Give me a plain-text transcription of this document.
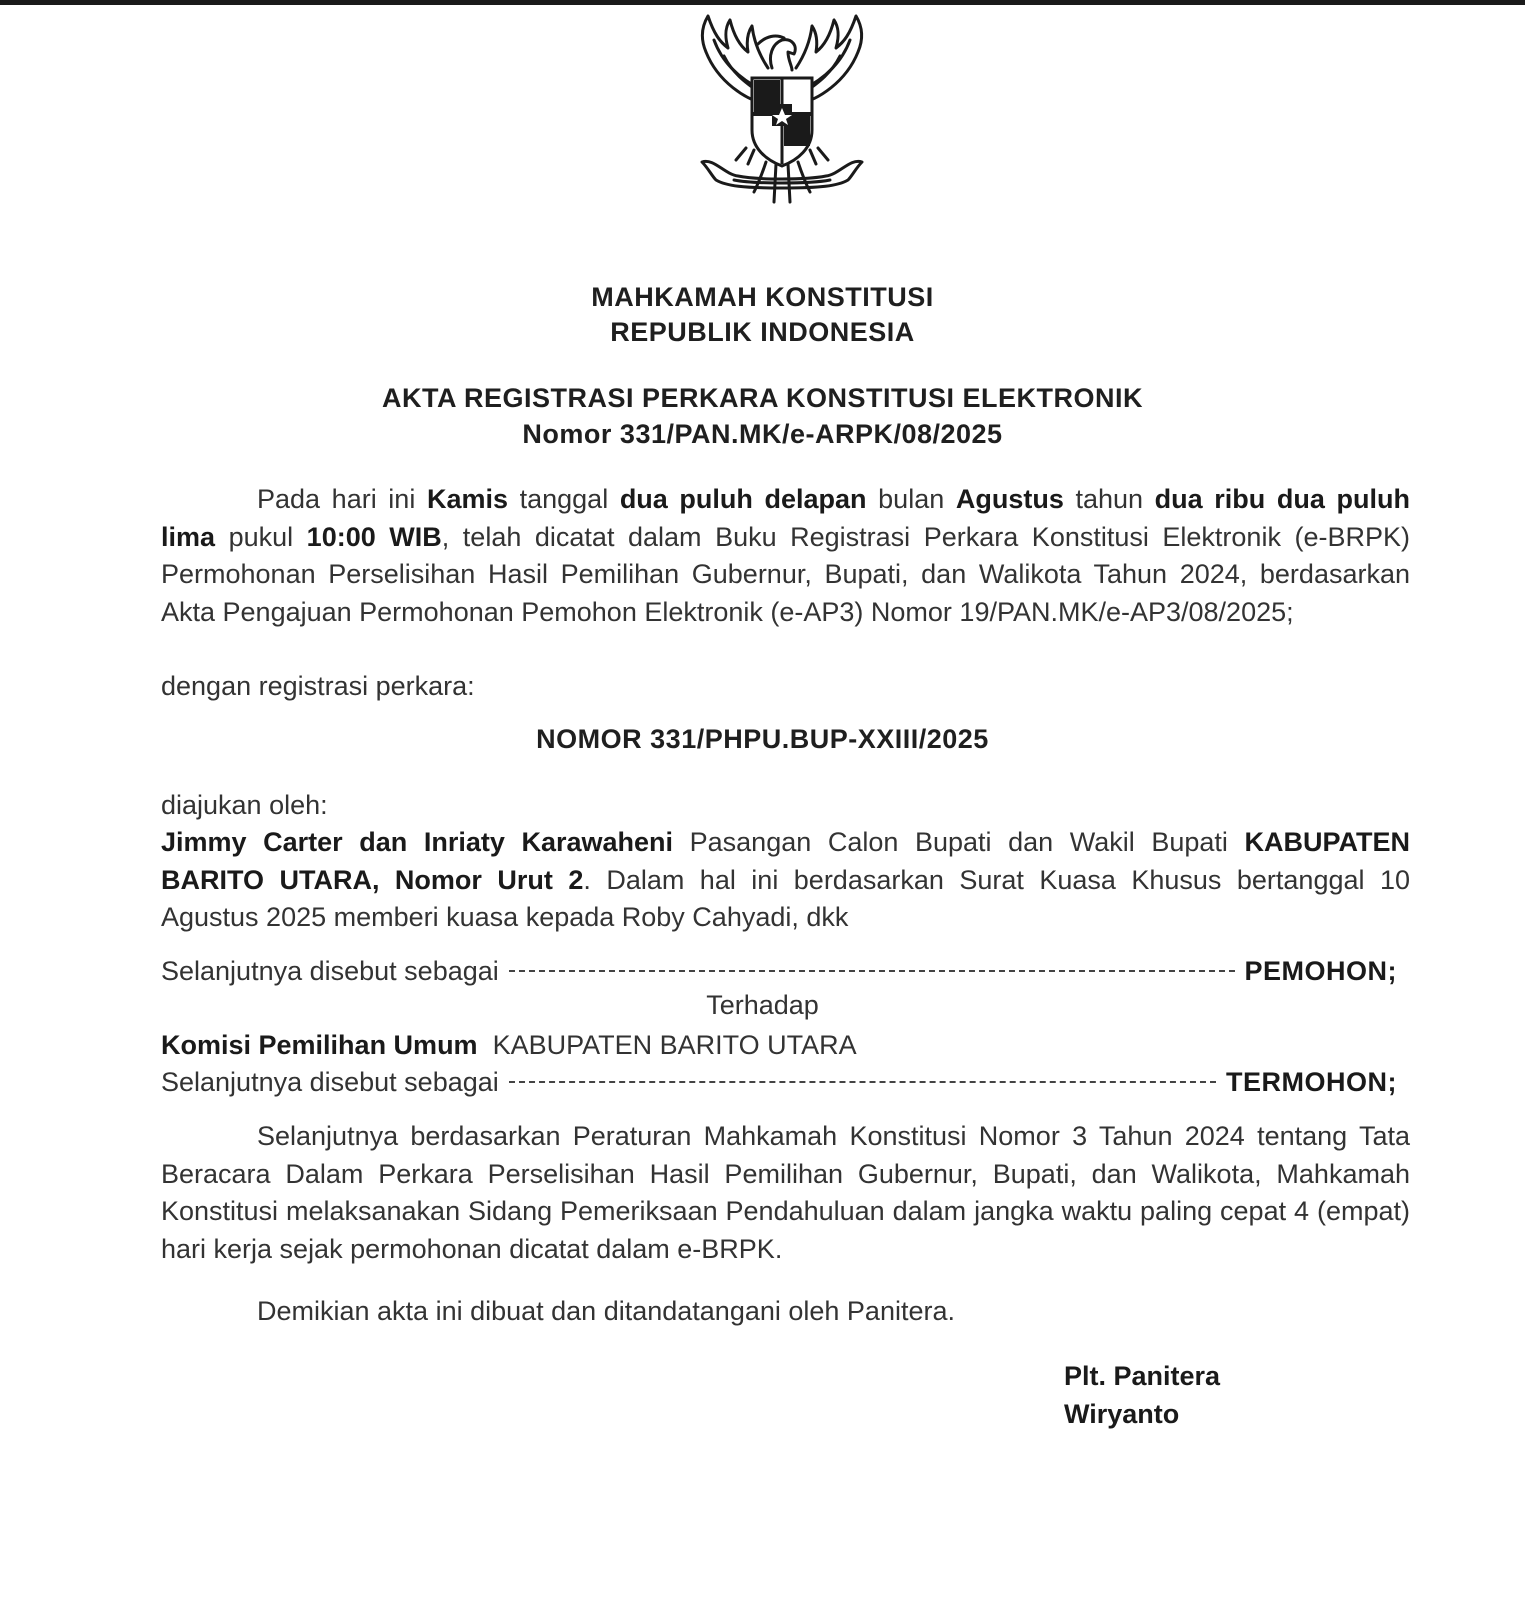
MAHKAMAH KONSTITUSI
REPUBLIK INDONESIA
AKTA REGISTRASI PERKARA KONSTITUSI ELEKTRONIK
Nomor 331/PAN.MK/e-ARPK/08/2025

Pada hari ini Kamis tanggal dua puluh delapan bulan Agustus tahun dua ribu dua puluh lima pukul 10:00 WIB, telah dicatat dalam Buku Registrasi Perkara Konstitusi Elektronik (e-BRPK) Permohonan Perselisihan Hasil Pemilihan Gubernur, Bupati, dan Walikota Tahun 2024, berdasarkan Akta Pengajuan Permohonan Pemohon Elektronik (e-AP3) Nomor 19/PAN.MK/e-AP3/08/2025;

dengan registrasi perkara:

NOMOR 331/PHPU.BUP-XXIII/2025

diajukan oleh:

Jimmy Carter dan Inriaty Karawaheni Pasangan Calon Bupati dan Wakil Bupati KABUPATEN BARITO UTARA, Nomor Urut 2. Dalam hal ini berdasarkan Surat Kuasa Khusus bertanggal 10 Agustus 2025 memberi kuasa kepada Roby Cahyadi, dkk

Selanjutnya disebut sebagai	PEMOHON;
Terhadap

Komisi Pemilihan Umum KABUPATEN BARITO UTARA

Selanjutnya disebut sebagai	TERMOHON;

Selanjutnya berdasarkan Peraturan Mahkamah Konstitusi Nomor 3 Tahun 2024 tentang Tata Beracara Dalam Perkara Perselisihan Hasil Pemilihan Gubernur, Bupati, dan Walikota, Mahkamah Konstitusi melaksanakan Sidang Pemeriksaan Pendahuluan dalam jangka waktu paling cepat 4 (empat) hari kerja sejak permohonan dicatat dalam e-BRPK.

Demikian akta ini dibuat dan ditandatangani oleh Panitera.

Plt. Panitera
Wiryanto
